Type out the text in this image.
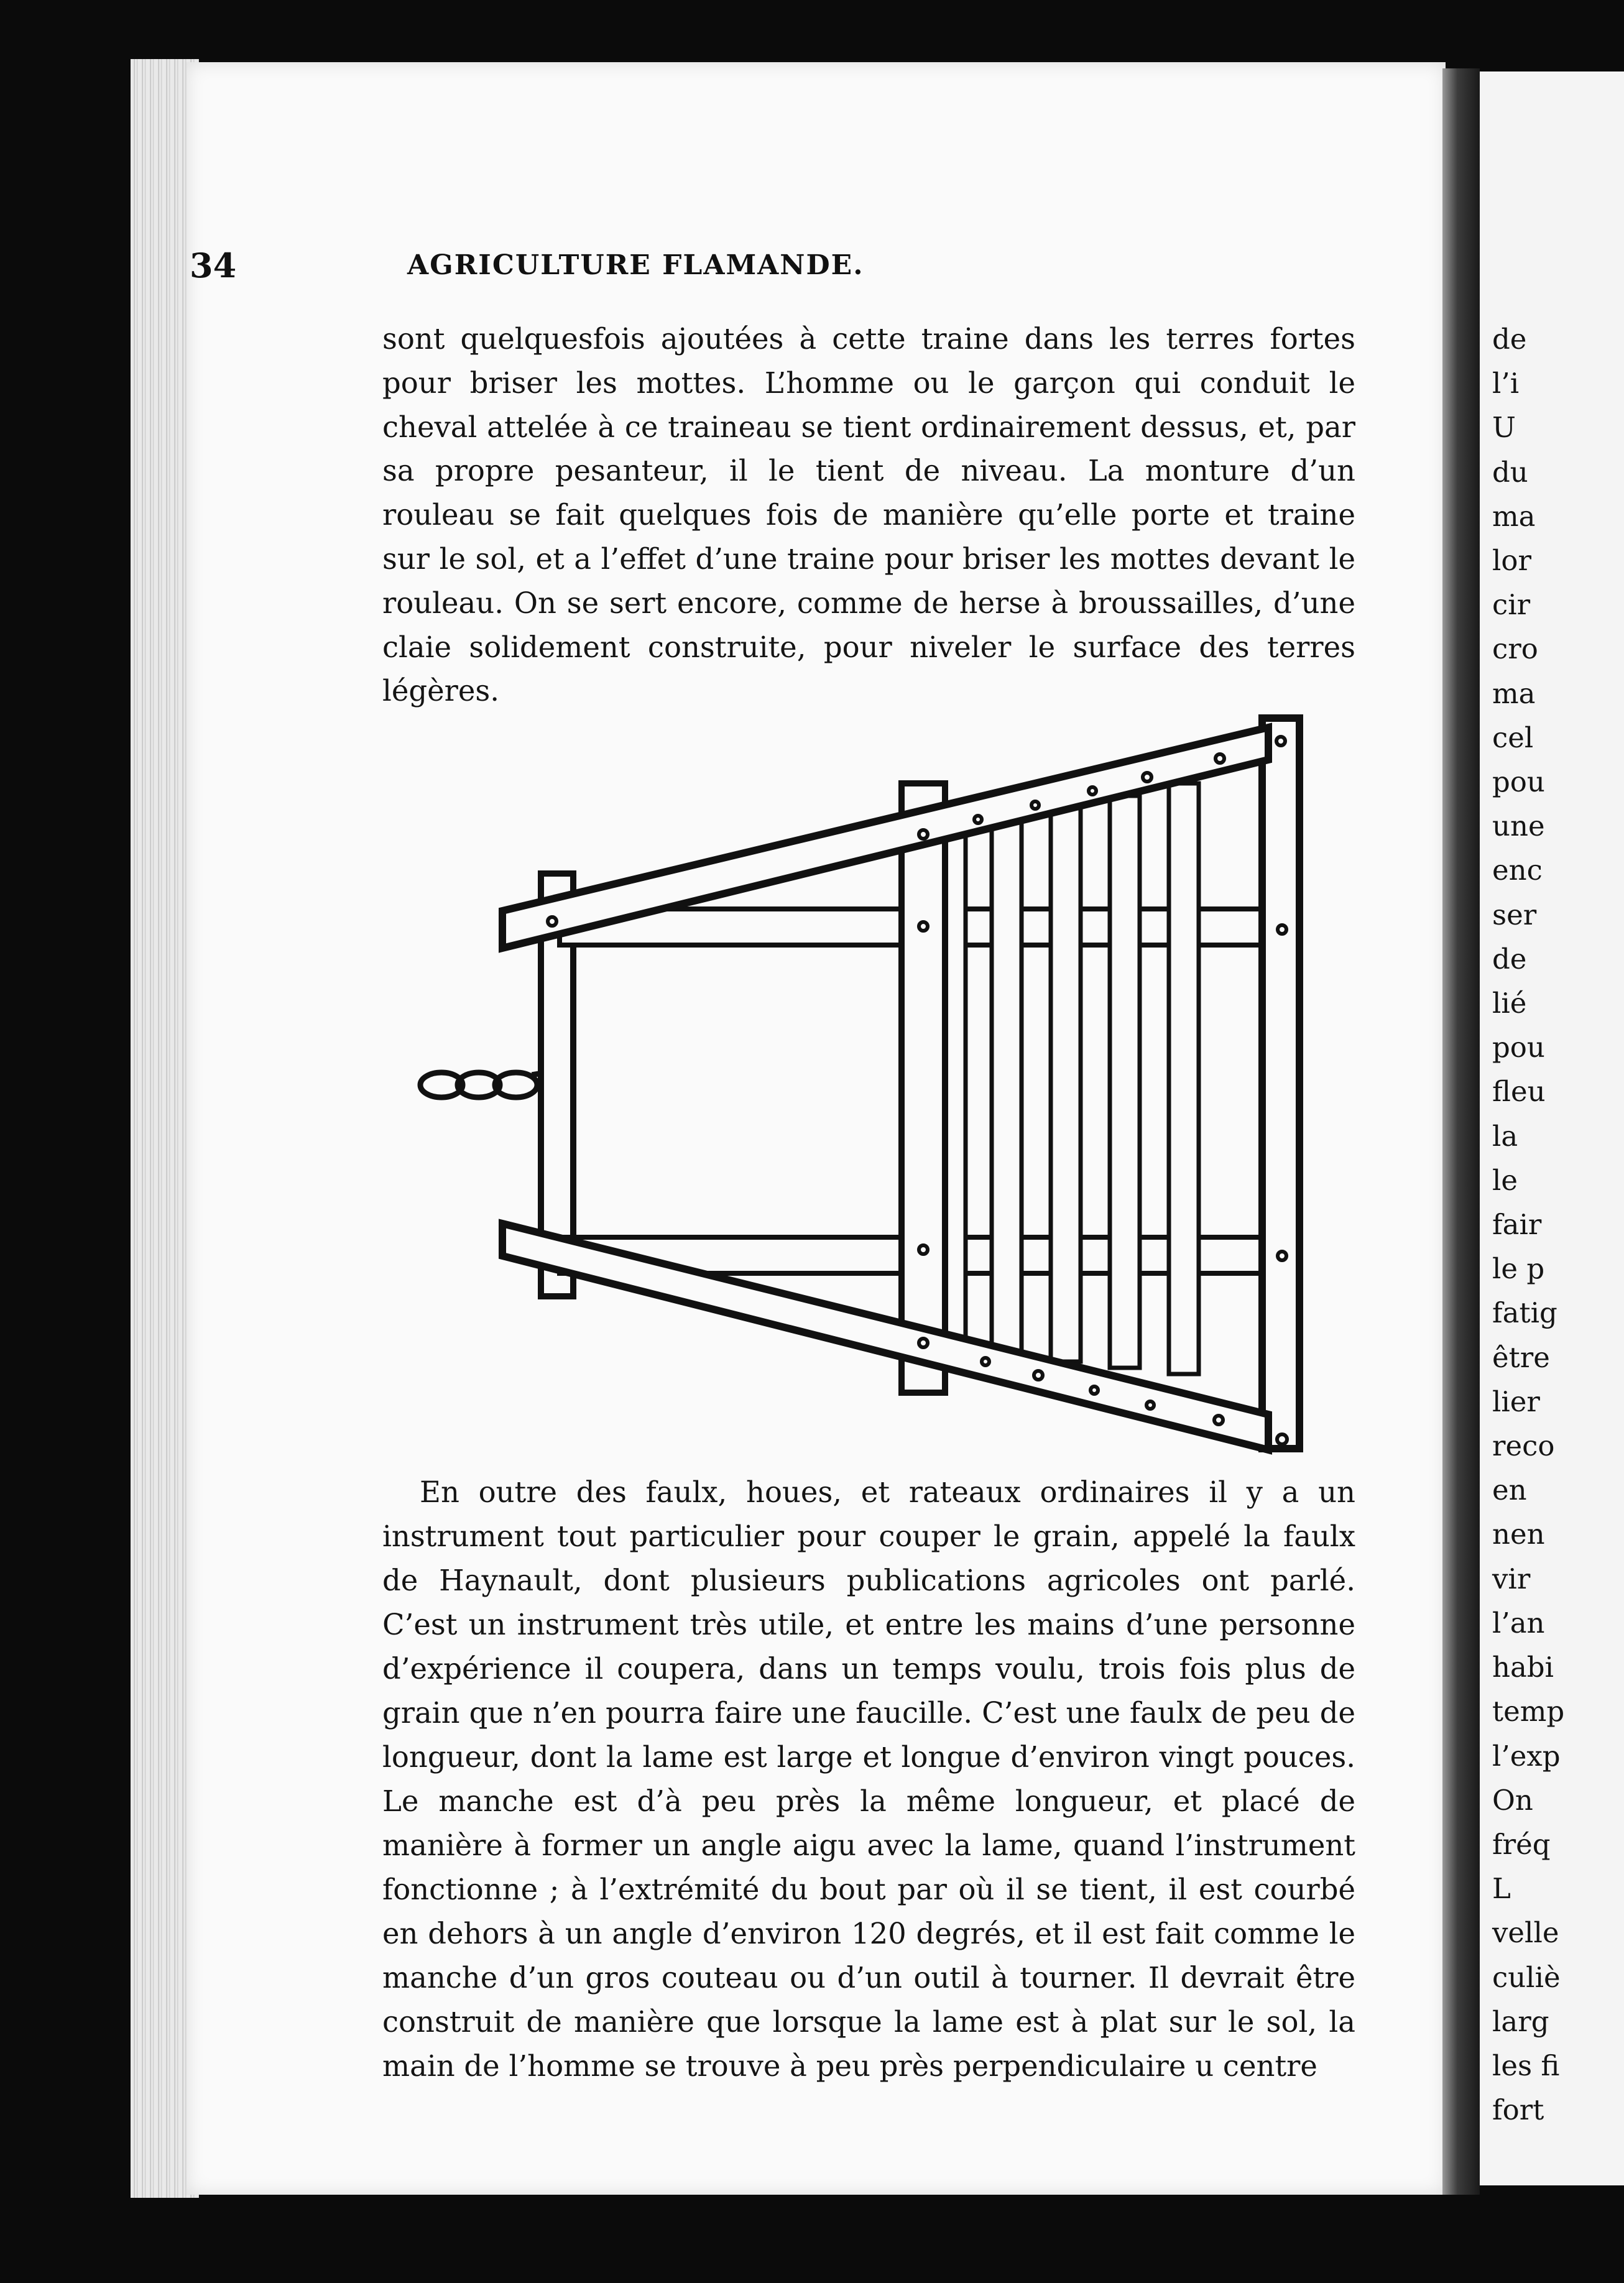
de
l’i
U
du
ma
lor
cir
cro
ma
cel
pou
une
enc
ser
de
lié
pou
fleu
la
le
fair
le p
fatig
être
lier
reco
en
nen
vir
l’an
habi
temp
l’exp
On
fréq
L
velle
culiè
larg
les fi
fort
34	AGRICULTURE FLAMANDE.

sont quelquesfois ajoutées à cette traine dans les terres fortes pour briser les mottes. L’homme ou le garçon qui conduit le cheval attelée à ce traineau se tient ordinairement dessus, et, par sa propre pesanteur, il le tient de niveau. La monture d’un rouleau se fait quelques fois de manière qu’elle porte et traine sur le sol, et a l’effet d’une traine pour briser les mottes devant le rouleau. On se sert encore, comme de herse à broussailles, d’une claie solidement construite, pour niveler le surface des terres légères.

En outre des faulx, houes, et rateaux ordinaires il y a un instrument tout particulier pour couper le grain, appelé la faulx de Haynault, dont plusieurs publications agricoles ont parlé. C’est un instrument très utile, et entre les mains d’une personne d’expérience il coupera, dans un temps voulu, trois fois plus de grain que n’en pourra faire une faucille. C’est une faulx de peu de longueur, dont la lame est large et longue d’environ vingt pouces. Le manche est d’à peu près la même longueur, et placé de manière à former un angle aigu avec la lame, quand l’instrument fonctionne ; à l’extrémité du bout par où il se tient, il est courbé en dehors à un angle d’environ 120 degrés, et il est fait comme le manche d’un gros couteau ou d’un outil à tourner. Il devrait être construit de manière que lorsque la lame est à plat sur le sol, la main de l’homme se trouve à peu près perpendiculaire u centre
